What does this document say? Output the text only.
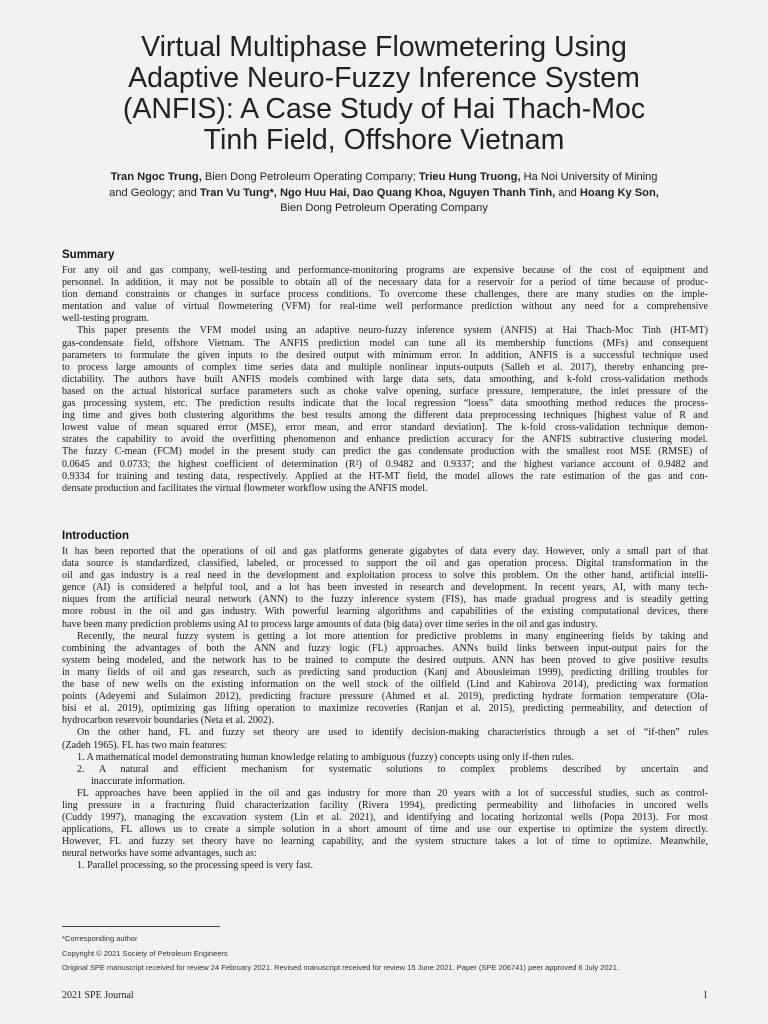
Virtual Multiphase Flowmetering Using
Adaptive Neuro-Fuzzy Inference System
(ANFIS): A Case Study of Hai Thach-Moc
Tinh Field, Offshore Vietnam
Tran Ngoc Trung, Bien Dong Petroleum Operating Company; Trieu Hung Truong, Ha Noi University of Mining
and Geology; and Tran Vu Tung*, Ngo Huu Hai, Dao Quang Khoa, Nguyen Thanh Tinh, and Hoang Ky Son,
Bien Dong Petroleum Operating Company
Summary
For any oil and gas company, well-testing and performance-monitoring programs are expensive because of the cost of equipment and
personnel. In addition, it may not be possible to obtain all of the necessary data for a reservoir for a period of time because of produc-
tion demand constraints or changes in surface process conditions. To overcome these challenges, there are many studies on the imple-
mentation and value of virtual flowmetering (VFM) for real-time well performance prediction without any need for a comprehensive
well-testing program.
This paper presents the VFM model using an adaptive neuro-fuzzy inference system (ANFIS) at Hai Thach-Moc Tinh (HT-MT)
gas-condensate field, offshore Vietnam. The ANFIS prediction model can tune all its membership functions (MFs) and consequent
parameters to formulate the given inputs to the desired output with minimum error. In addition, ANFIS is a successful technique used
to process large amounts of complex time series data and multiple nonlinear inputs-outputs (Salleh et al. 2017), thereby enhancing pre-
dictability. The authors have built ANFIS models combined with large data sets, data smoothing, and k-fold cross-validation methods
based on the actual historical surface parameters such as choke valve opening, surface pressure, temperature, the inlet pressure of the
gas processing system, etc. The prediction results indicate that the local regression “loess” data smoothing method reduces the process-
ing time and gives both clustering algorithms the best results among the different data preprocessing techniques [highest value of R and
lowest value of mean squared error (MSE), error mean, and error standard deviation]. The k-fold cross-validation technique demon-
strates the capability to avoid the overfitting phenomenon and enhance prediction accuracy for the ANFIS subtractive clustering model.
The fuzzy C-mean (FCM) model in the present study can predict the gas condensate production with the smallest root MSE (RMSE) of
0.0645 and 0.0733; the highest coefficient of determination (R²) of 0.9482 and 0.9337; and the highest variance account of 0.9482 and
0.9334 for training and testing data, respectively. Applied at the HT-MT field, the model allows the rate estimation of the gas and con-
densate production and facilitates the virtual flowmeter workflow using the ANFIS model.
Introduction
It has been reported that the operations of oil and gas platforms generate gigabytes of data every day. However, only a small part of that
data source is standardized, classified, labeled, or processed to support the oil and gas operation process. Digital transformation in the
oil and gas industry is a real need in the development and exploitation process to solve this problem. On the other hand, artificial intelli-
gence (AI) is considered a helpful tool, and a lot has been invested in research and development. In recent years, AI, with many tech-
niques from the artificial neural network (ANN) to the fuzzy inference system (FIS), has made gradual progress and is steadily getting
more robust in the oil and gas industry. With powerful learning algorithms and capabilities of the existing computational devices, there
have been many prediction problems using AI to process large amounts of data (big data) over time series in the oil and gas industry.
Recently, the neural fuzzy system is getting a lot more attention for predictive problems in many engineering fields by taking and
combining the advantages of both the ANN and fuzzy logic (FL) approaches. ANNs build links between input-output pairs for the
system being modeled, and the network has to be trained to compute the desired outputs. ANN has been proved to give positive results
in many fields of oil and gas research, such as predicting sand production (Kanj and Abousleiman 1999), predicting drilling troubles for
the base of new wells on the existing information on the well stock of the oilfield (Lind and Kabirova 2014), predicting wax formation
points (Adeyemi and Sulaimon 2012), predicting fracture pressure (Ahmed et al. 2019), predicting hydrate formation temperature (Ola-
bisi et al. 2019), optimizing gas lifting operation to maximize recoveries (Ranjan et al. 2015), predicting permeability, and detection of
hydrocarbon reservoir boundaries (Neta et al. 2002).
On the other hand, FL and fuzzy set theory are used to identify decision-making characteristics through a set of “if-then” rules
(Zadeh 1965). FL has two main features:
1. A mathematical model demonstrating human knowledge relating to ambiguous (fuzzy) concepts using only if-then rules.
2. A natural and efficient mechanism for systematic solutions to complex problems described by uncertain and
inaccurate information.
FL approaches have been applied in the oil and gas industry for more than 20 years with a lot of successful studies, such as control-
ling pressure in a fracturing fluid characterization facility (Rivera 1994), predicting permeability and lithofacies in uncored wells
(Cuddy 1997), managing the excavation system (Lin et al. 2021), and identifying and locating horizontal wells (Popa 2013). For most
applications, FL allows us to create a simple solution in a short amount of time and use our expertise to optimize the system directly.
However, FL and fuzzy set theory have no learning capability, and the system structure takes a lot of time to optimize. Meanwhile,
neural networks have some advantages, such as:
1. Parallel processing, so the processing speed is very fast.
*Corresponding author
Copyright © 2021 Society of Petroleum Engineers
Original SPE manuscript received for review 24 February 2021. Revised manuscript received for review 15 June 2021. Paper (SPE 206741) peer approved 6 July 2021.
2021 SPE Journal	1
